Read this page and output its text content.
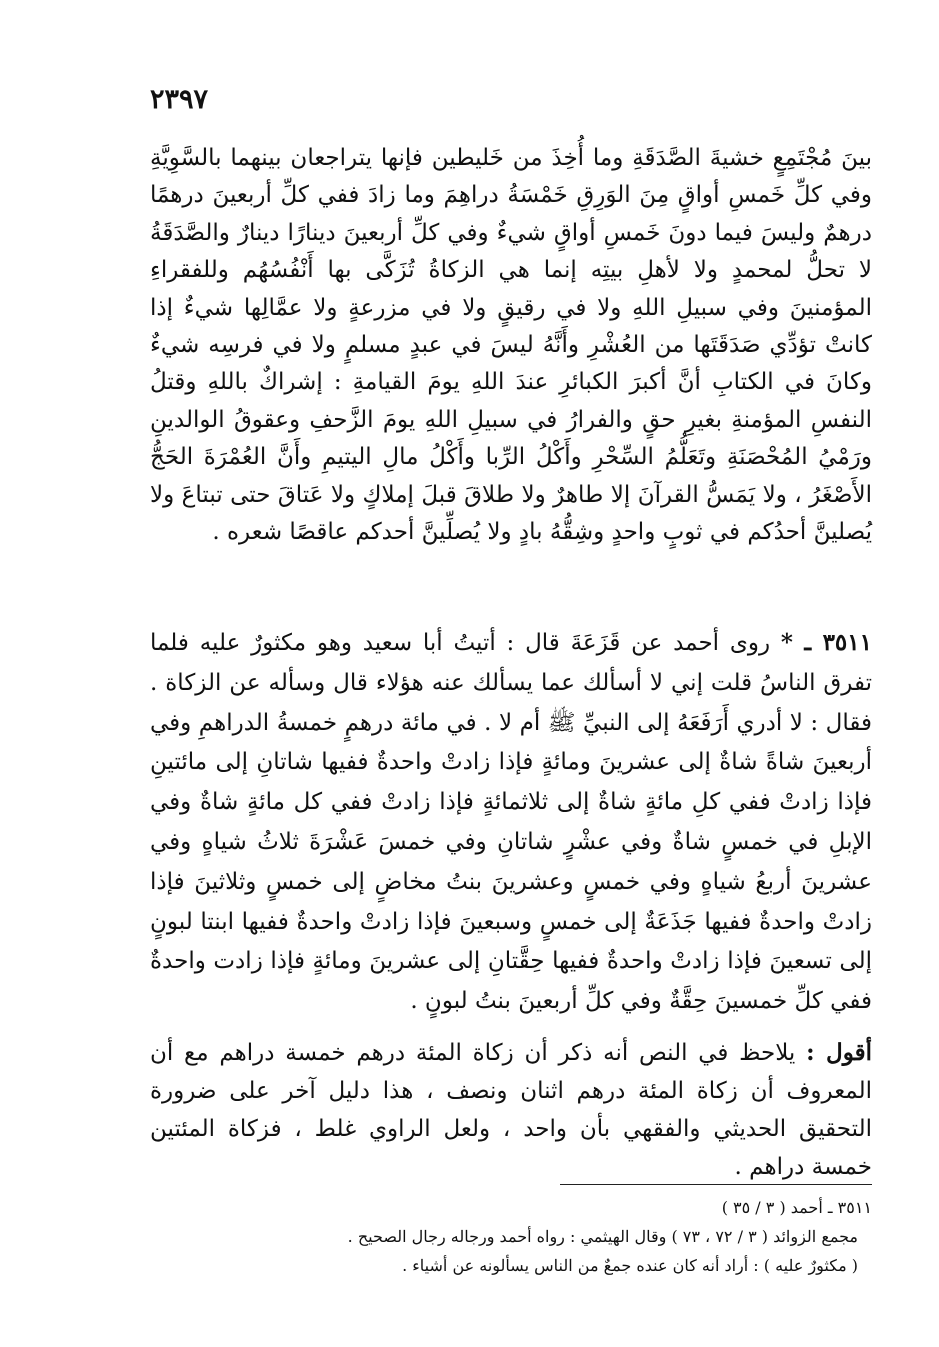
٢٣٩٧

بينَ مُجْتَمِعٍ خشيةَ الصَّدَقَةِ وما أُخِذَ من خَليطين فإنها يتراجعان بينهما بالسَّوِيَّةِ وفي كلِّ خَمسِ أواقٍ مِنَ الوَرِقِ خَمْسَةُ دراهِمَ وما زادَ ففي كلِّ أربعينَ درهمًا درهمٌ وليسَ فيما دونَ خَمسِ أواقٍ شيءٌ وفي كلِّ أربعينَ دينارًا دينارٌ والصَّدَقَةُ لا تحلُّ لمحمدٍ ولا لأهلِ بيتِه إنما هي الزكاةُ تُزَكَّى بها أَنْفُسُهُم وللفقراءِ المؤمنينَ وفي سبيلِ اللهِ ولا في رقيقٍ ولا في مزرعةٍ ولا عمَّالِها شيءٌ إذا كانتْ تؤدِّي صَدَقَتَها من العُشْرِ وأَنَّهُ ليسَ في عبدٍ مسلمٍ ولا في فرسِه شيءٌ وكانَ في الكتابِ أنَّ أكبرَ الكبائرِ عندَ اللهِ يومَ القيامةِ : إشراكٌ باللهِ وقتلُ النفسِ المؤمنةِ بغيرِ حقٍ والفرارُ في سبيلِ اللهِ يومَ الزَّحفِ وعقوقُ الوالدينِ ورَمْيُ المُحْصَنَةِ وتَعَلُّمُ السِّحْرِ وأَكْلُ الرِّبا وأَكْلُ مالِ اليتيمِ وأَنَّ العُمْرَةَ الحَجُّ الأَصْغَرُ ، ولا يَمَسُّ القرآنَ إلا طاهرٌ ولا طلاقَ قبلَ إملاكٍ ولا عَتاقَ حتى تبتاعَ ولا يُصلينَّ أحدُكم في ثوبٍ واحدٍ وشِقُّهُ بادٍ ولا يُصلِّينَّ أحدكم عاقصًا شعره .

٣٥١١ ـ * روى أحمد عن قَزَعَةَ قال : أتيتُ أبا سعيد وهو مكثورٌ عليه فلما تفرق الناسُ قلت إني لا أسألك عما يسألك عنه هؤلاء قال وسأله عن الزكاة . فقال : لا أدري أَرَفَعَهُ إلى النبيِّ ﷺ أم لا . في مائة درهمٍ خمسةُ الدراهمِ وفي أربعينَ شاةً شاةٌ إلى عشرينَ ومائةٍ فإذا زادتْ واحدةٌ ففيها شاتانِ إلى مائتينِ فإذا زادتْ ففي كلِ مائةٍ شاةٌ إلى ثلاثمائةٍ فإذا زادتْ ففي كل مائةٍ شاةٌ وفي الإبلِ في خمسٍ شاةٌ وفي عشْرٍ شاتانِ وفي خمسَ عَشْرَةَ ثلاثُ شياهٍ وفي عشرينَ أربعُ شياهٍ وفي خمسٍ وعشرينَ بنتُ مخاضٍ إلى خمسٍ وثلاثينَ فإذا زادتْ واحدةٌ ففيها جَذَعَةٌ إلى خمسٍ وسبعينَ فإذا زادتْ واحدةٌ ففيها ابنتا لبونٍ إلى تسعينَ فإذا زادتْ واحدةٌ ففيها حِقَّتانِ إلى عشرينَ ومائةٍ فإذا زادت واحدةٌ ففي كلِّ خمسينَ حِقَّةٌ وفي كلِّ أربعينَ بنتُ لبونٍ .

أقول : يلاحظ في النص أنه ذكر أن زكاة المئة درهم خمسة دراهم مع أن المعروف أن زكاة المئة درهم اثنان ونصف ، هذا دليل آخر على ضرورة التحقيق الحديثي والفقهي بأن واحد ، ولعل الراوي غلط ، فزكاة المئتين خمسة دراهم .

٣٥١١ ـ أحمد ( ٣ / ٣٥ )
مجمع الزوائد ( ٣ / ٧٢ ، ٧٣ ) وقال الهيثمي : رواه أحمد ورجاله رجال الصحيح .
( مكثورٌ عليه ) : أراد أنه كان عنده جمعٌ من الناس يسألونه عن أشياء .
